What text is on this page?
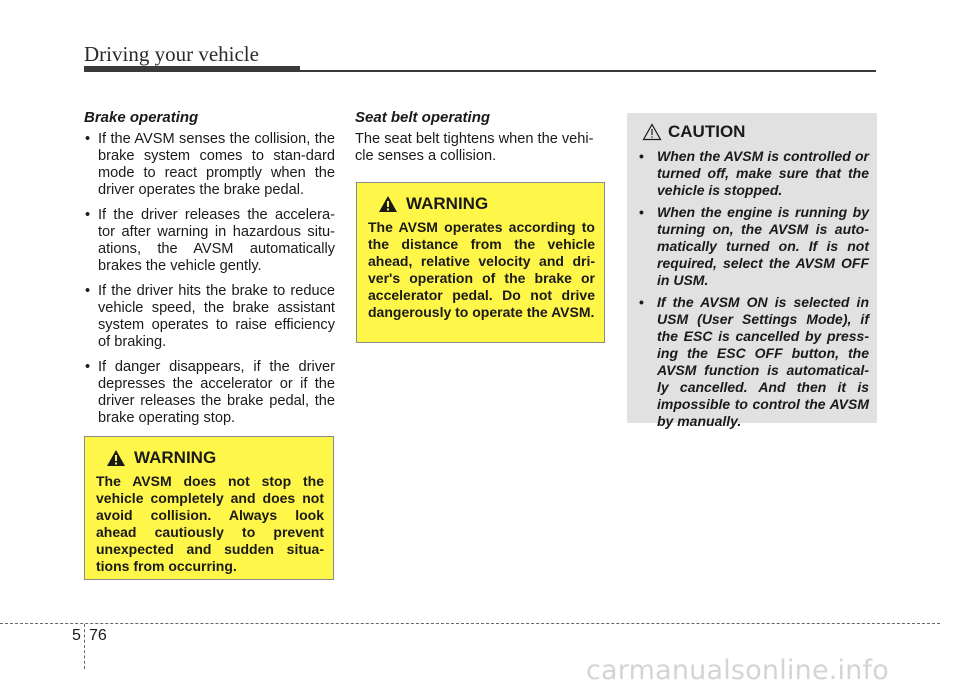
Driving your vehicle

Brake operating

• If the AVSM senses the collision, the brake system comes to stan-dard mode to react promptly when the driver operates the brake pedal.
• If the driver releases the accelera-tor after warning in hazardous situ-ations, the AVSM automatically brakes the vehicle gently.
• If the driver hits the brake to reduce vehicle speed, the brake assistant system operates to raise efficiency of braking.
• If danger disappears, if the driver depresses the accelerator or if the driver releases the brake pedal, the brake operating stop.
WARNING

The AVSM does not stop the vehicle completely and does not avoid collision. Always look ahead cautiously to prevent unexpected and sudden situa-tions from occurring.

Seat belt operating

The seat belt tightens when the vehi-cle senses a collision.

WARNING

The AVSM operates according to the distance from the vehicle ahead, relative velocity and dri-ver's operation of the brake or accelerator pedal. Do not drive dangerously to operate the AVSM.

CAUTION
• When the AVSM is controlled or turned off, make sure that the vehicle is stopped.
• When the engine is running by turning on, the AVSM is auto-matically turned on. If is not required, select the AVSM OFF in USM.
• If the AVSM ON is selected in USM (User Settings Mode), if the ESC is cancelled by press-ing the ESC OFF button, the AVSM function is automatical-ly cancelled. And then it is impossible to control the AVSM by manually.
5 76
carmanualsonline.info
